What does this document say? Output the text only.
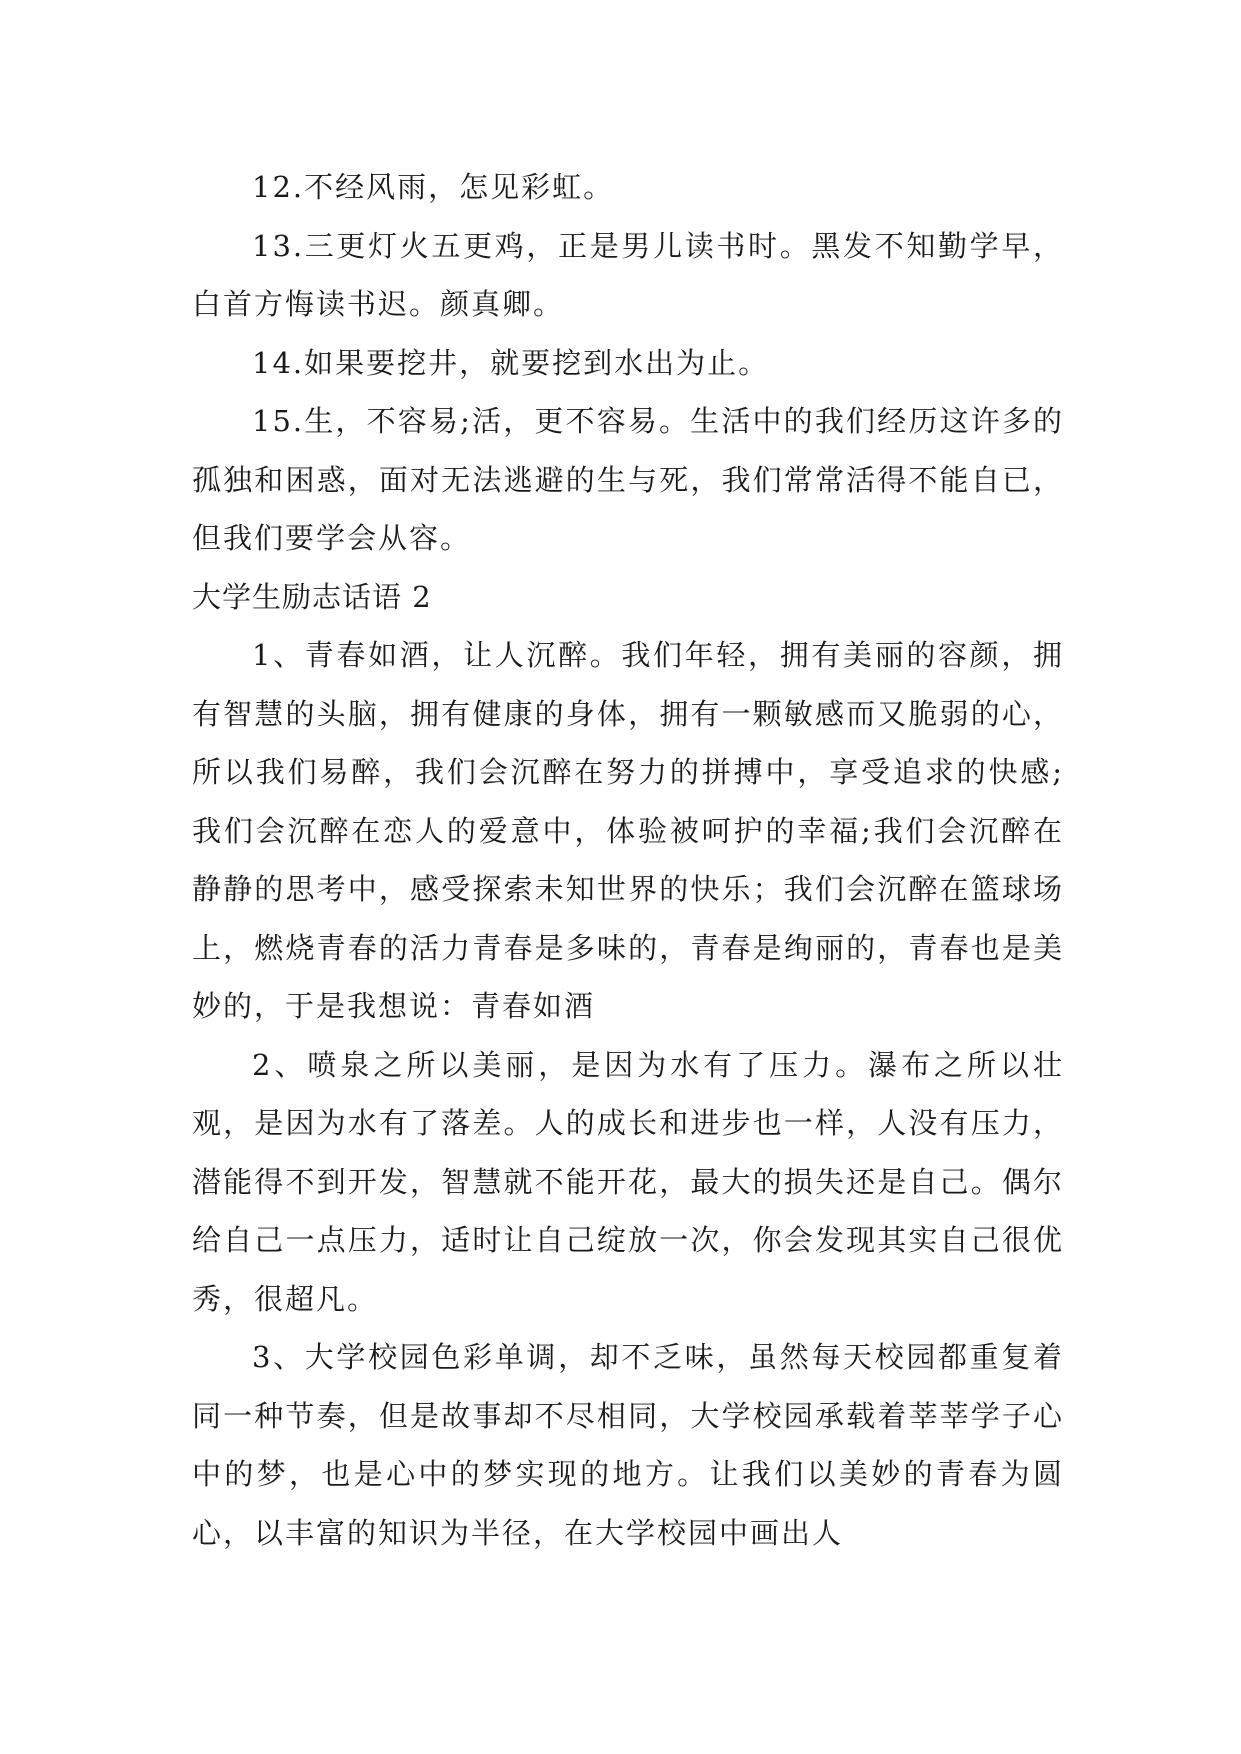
12.不经风雨，怎见彩虹。

13.三更灯火五更鸡，正是男儿读书时。黑发不知勤学早，白首方悔读书迟。颜真卿。

14.如果要挖井，就要挖到水出为止。

15.生，不容易;活，更不容易。生活中的我们经历这许多的孤独和困惑，面对无法逃避的生与死，我们常常活得不能自已，但我们要学会从容。

大学生励志话语 2

1、青春如酒，让人沉醉。我们年轻，拥有美丽的容颜，拥有智慧的头脑，拥有健康的身体，拥有一颗敏感而又脆弱的心，所以我们易醉，我们会沉醉在努力的拼搏中，享受追求的快感;我们会沉醉在恋人的爱意中，体验被呵护的幸福;我们会沉醉在静静的思考中，感受探索未知世界的快乐；我们会沉醉在篮球场上，燃烧青春的活力青春是多味的，青春是绚丽的，青春也是美妙的，于是我想说：青春如酒

2、喷泉之所以美丽，是因为水有了压力。瀑布之所以壮观，是因为水有了落差。人的成长和进步也一样，人没有压力，潜能得不到开发，智慧就不能开花，最大的损失还是自己。偶尔给自己一点压力，适时让自己绽放一次，你会发现其实自己很优秀，很超凡。

3、大学校园色彩单调，却不乏味，虽然每天校园都重复着同一种节奏，但是故事却不尽相同，大学校园承载着莘莘学子心中的梦，也是心中的梦实现的地方。让我们以美妙的青春为圆心，以丰富的知识为半径，在大学校园中画出人
